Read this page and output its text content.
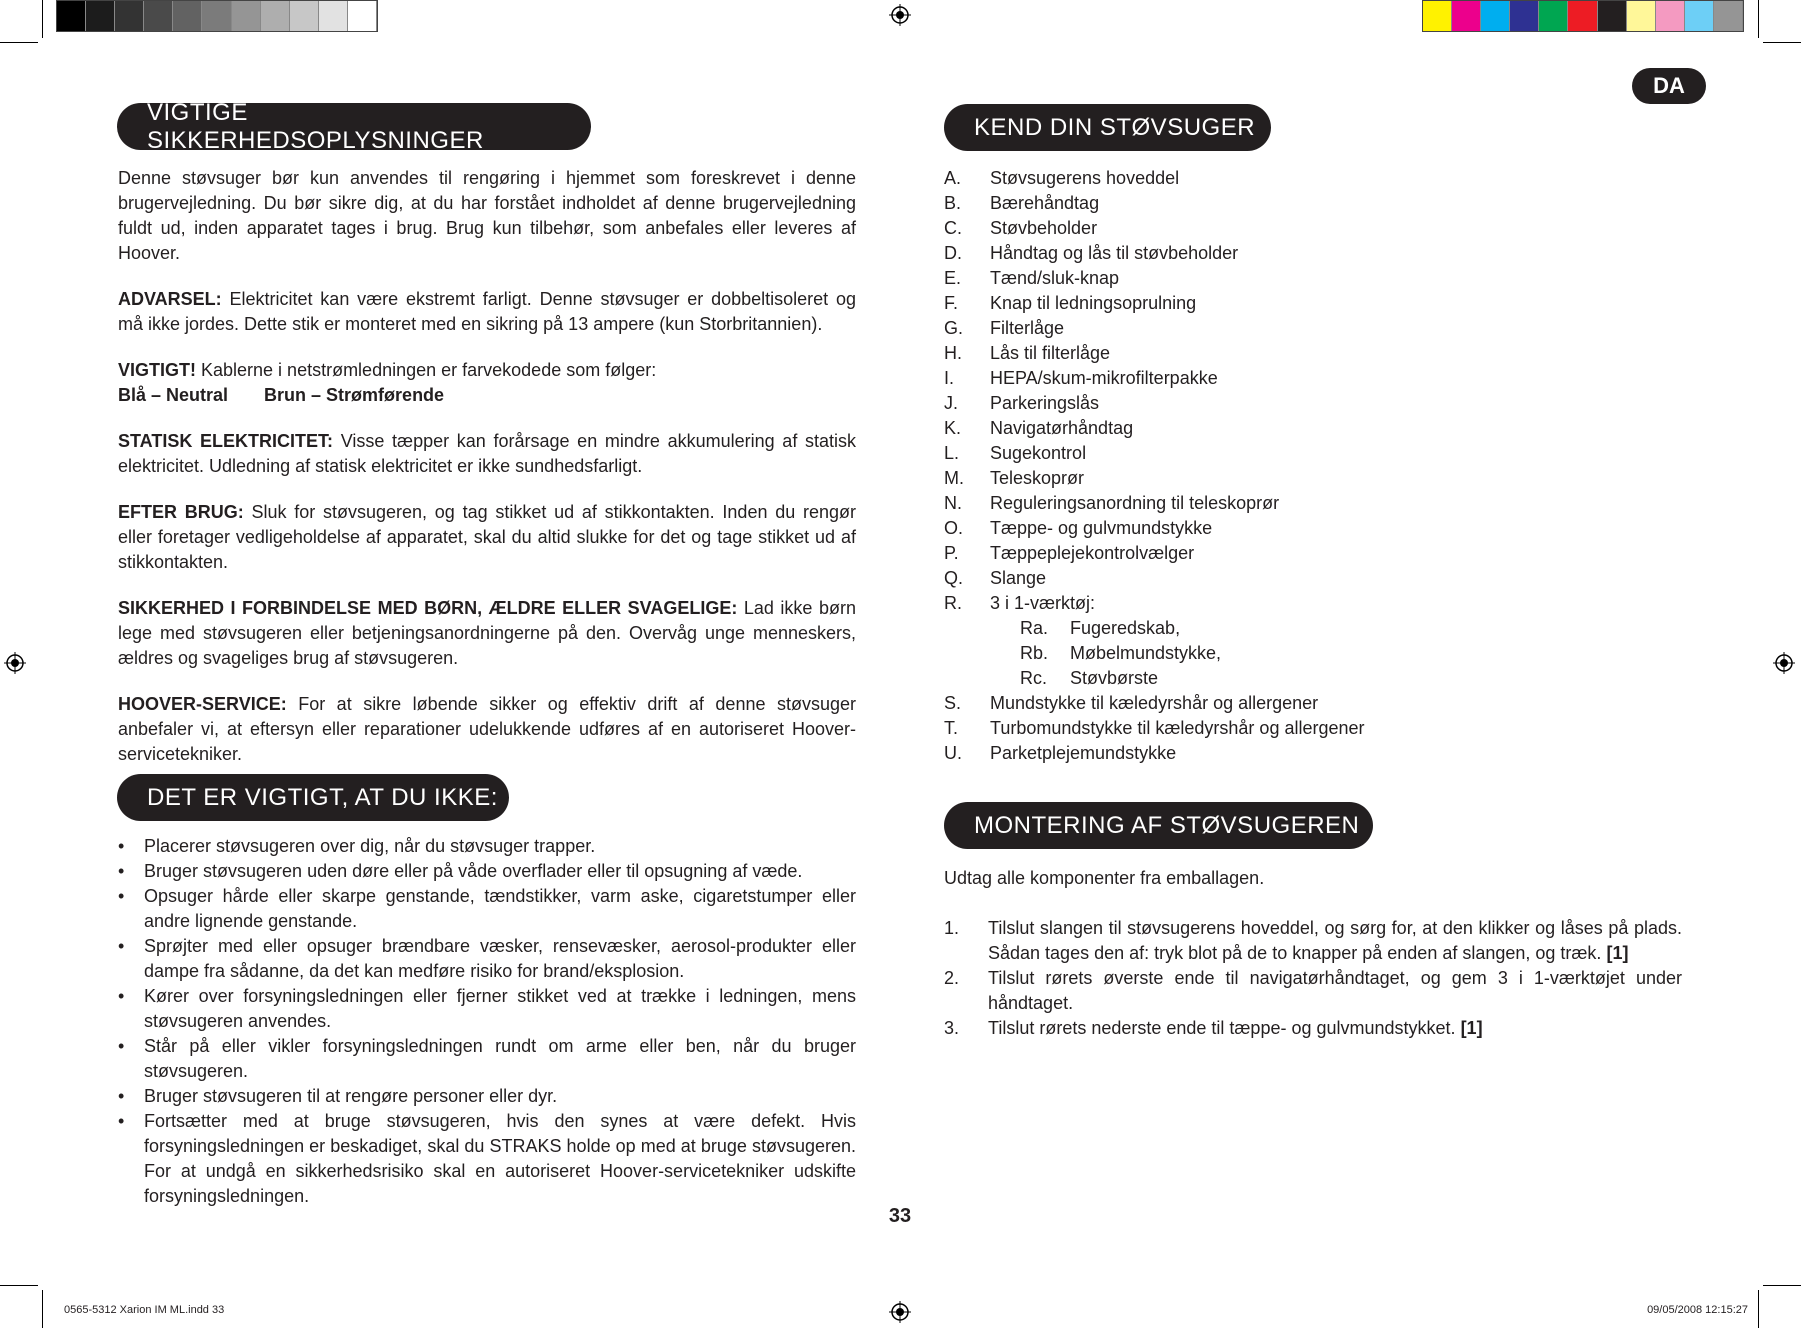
DA
VIGTIGE SIKKERHEDSOPLYSNINGER

Denne støvsuger bør kun anvendes til rengøring i hjemmet som foreskrevet i denne brugervejledning. Du bør sikre dig, at du har forstået indholdet af denne brugervejledning fuldt ud, inden apparatet tages i brug. Brug kun tilbehør, som anbefales eller leveres af Hoover.

ADVARSEL: Elektricitet kan være ekstremt farligt. Denne støvsuger er dobbeltisoleret og må ikke jordes. Dette stik er monteret med en sikring på 13 ampere (kun Storbritannien).

VIGTIGT! Kablerne i netstrømledningen er farvekodede som følger:
Blå – Neutral Brun – Strømførende

STATISK ELEKTRICITET: Visse tæpper kan forårsage en mindre akkumulering af statisk elektricitet. Udledning af statisk elektricitet er ikke sundhedsfarligt.

EFTER BRUG: Sluk for støvsugeren, og tag stikket ud af stikkontakten. Inden du rengør eller foretager vedligeholdelse af apparatet, skal du altid slukke for det og tage stikket ud af stikkontakten.

SIKKERHED I FORBINDELSE MED BØRN, ÆLDRE ELLER SVAGELIGE: Lad ikke børn lege med støvsugeren eller betjeningsanordningerne på den. Overvåg unge menneskers, ældres og svageliges brug af støvsugeren.

HOOVER-SERVICE: For at sikre løbende sikker og effektiv drift af denne støvsuger anbefaler vi, at eftersyn eller reparationer udelukkende udføres af en autoriseret Hoover-servicetekniker.

DET ER VIGTIGT, AT DU IKKE:
• Placerer støvsugeren over dig, når du støvsuger trapper.
• Bruger støvsugeren uden døre eller på våde overflader eller til opsugning af væde.
• Opsuger hårde eller skarpe genstande, tændstikker, varm aske, cigaretstumper eller andre lignende genstande.
• Sprøjter med eller opsuger brændbare væsker, rensevæsker, aerosol-produkter eller dampe fra sådanne, da det kan medføre risiko for brand/eksplosion.
• Kører over forsyningsledningen eller fjerner stikket ved at trække i ledningen, mens støvsugeren anvendes.
• Står på eller vikler forsyningsledningen rundt om arme eller ben, når du bruger støvsugeren.
• Bruger støvsugeren til at rengøre personer eller dyr.
• Fortsætter med at bruge støvsugeren, hvis den synes at være defekt. Hvis forsyningsledningen er beskadiget, skal du STRAKS holde op med at bruge støvsugeren. For at undgå en sikkerhedsrisiko skal en autoriseret Hoover-servicetekniker udskifte forsyningsledningen.
KEND DIN STØVSUGER
A.	Støvsugerens hoveddel
B.	Bærehåndtag
C.	Støvbeholder
D.	Håndtag og lås til støvbeholder
E.	Tænd/sluk-knap
F.	Knap til ledningsoprulning
G.	Filterlåge
H.	Lås til filterlåge
I.	HEPA/skum-mikrofilterpakke
J.	Parkeringslås
K.	Navigatørhåndtag
L.	Sugekontrol
M.	Teleskoprør
N.	Reguleringsanordning til teleskoprør
O.	Tæppe- og gulvmundstykke
P.	Tæppeplejekontrolvælger
Q.	Slange
R.	3 i 1-værktøj:
Ra.	Fugeredskab,
Rb.	Møbelmundstykke,
Rc.	Støvbørste
S.	Mundstykke til kæledyrshår og allergener
T.	Turbomundstykke til kæledyrshår og allergener
U.	Parketplejemundstykke
MONTERING AF STØVSUGEREN
Udtag alle komponenter fra emballagen.
1.	Tilslut slangen til støvsugerens hoveddel, og sørg for, at den klikker og låses på plads. Sådan tages den af: tryk blot på de to knapper på enden af slangen, og træk. [1]
2.	Tilslut rørets øverste ende til navigatørhåndtaget, og gem 3 i 1-værktøjet under håndtaget.
3.	Tilslut rørets nederste ende til tæppe- og gulvmundstykket. [1]
33
0565-5312 Xarion IM ML.indd 33	09/05/2008 12:15:27
